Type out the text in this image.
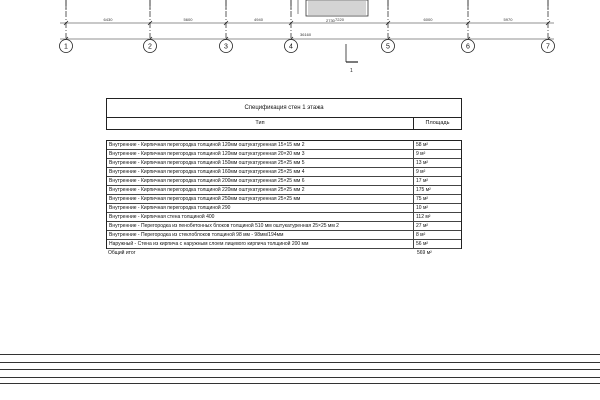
6430	5600	4940	7220	6000	5970
1	2	3	4	5	6	7
2730
1
36160
Спецификация стен 1 этажа
Тип	Площадь
Внутренние - Кирпичная перегородка толщиной 120мм оштукатуренная 15×15 мм 2	58 м²
Внутренние - Кирпичная перегородка толщиной 120мм оштукатуренная 20×20 мм 3	9 м²
Внутренние - Кирпичная перегородка толщиной 150мм оштукатуренная 25×25 мм 5	13 м²
Внутренние - Кирпичная перегородка толщиной 160мм оштукатуренная 25×25 мм 4	9 м²
Внутренние - Кирпичная перегородка толщиной 200мм оштукатуренная 25×25 мм 6	17 м²
Внутренние - Кирпичная перегородка толщиной 220мм оштукатуренная 25×25 мм 2	175 м²
Внутренние - Кирпичная перегородка толщиной 250мм оштукатуренная 25×25 мм	75 м²
Внутренние - Кирпичная перегородка толщиной 290	10 м²
Внутренние - Кирпичная стена толщиной 400	112 м²
Внутренние - Перегородка из пенобетонных блоков толщиной 510 мм оштукатуренная 25×25 мм 2	27 м²
Внутренние - Перегородка из стеклоблоков толщиной 98 мм - 98мм/194мм	8 м²
Наружный - Стена из кирпича с наружным слоем лицевого кирпича толщиной 200 мм	56 м²
Общий итог	569 м²
